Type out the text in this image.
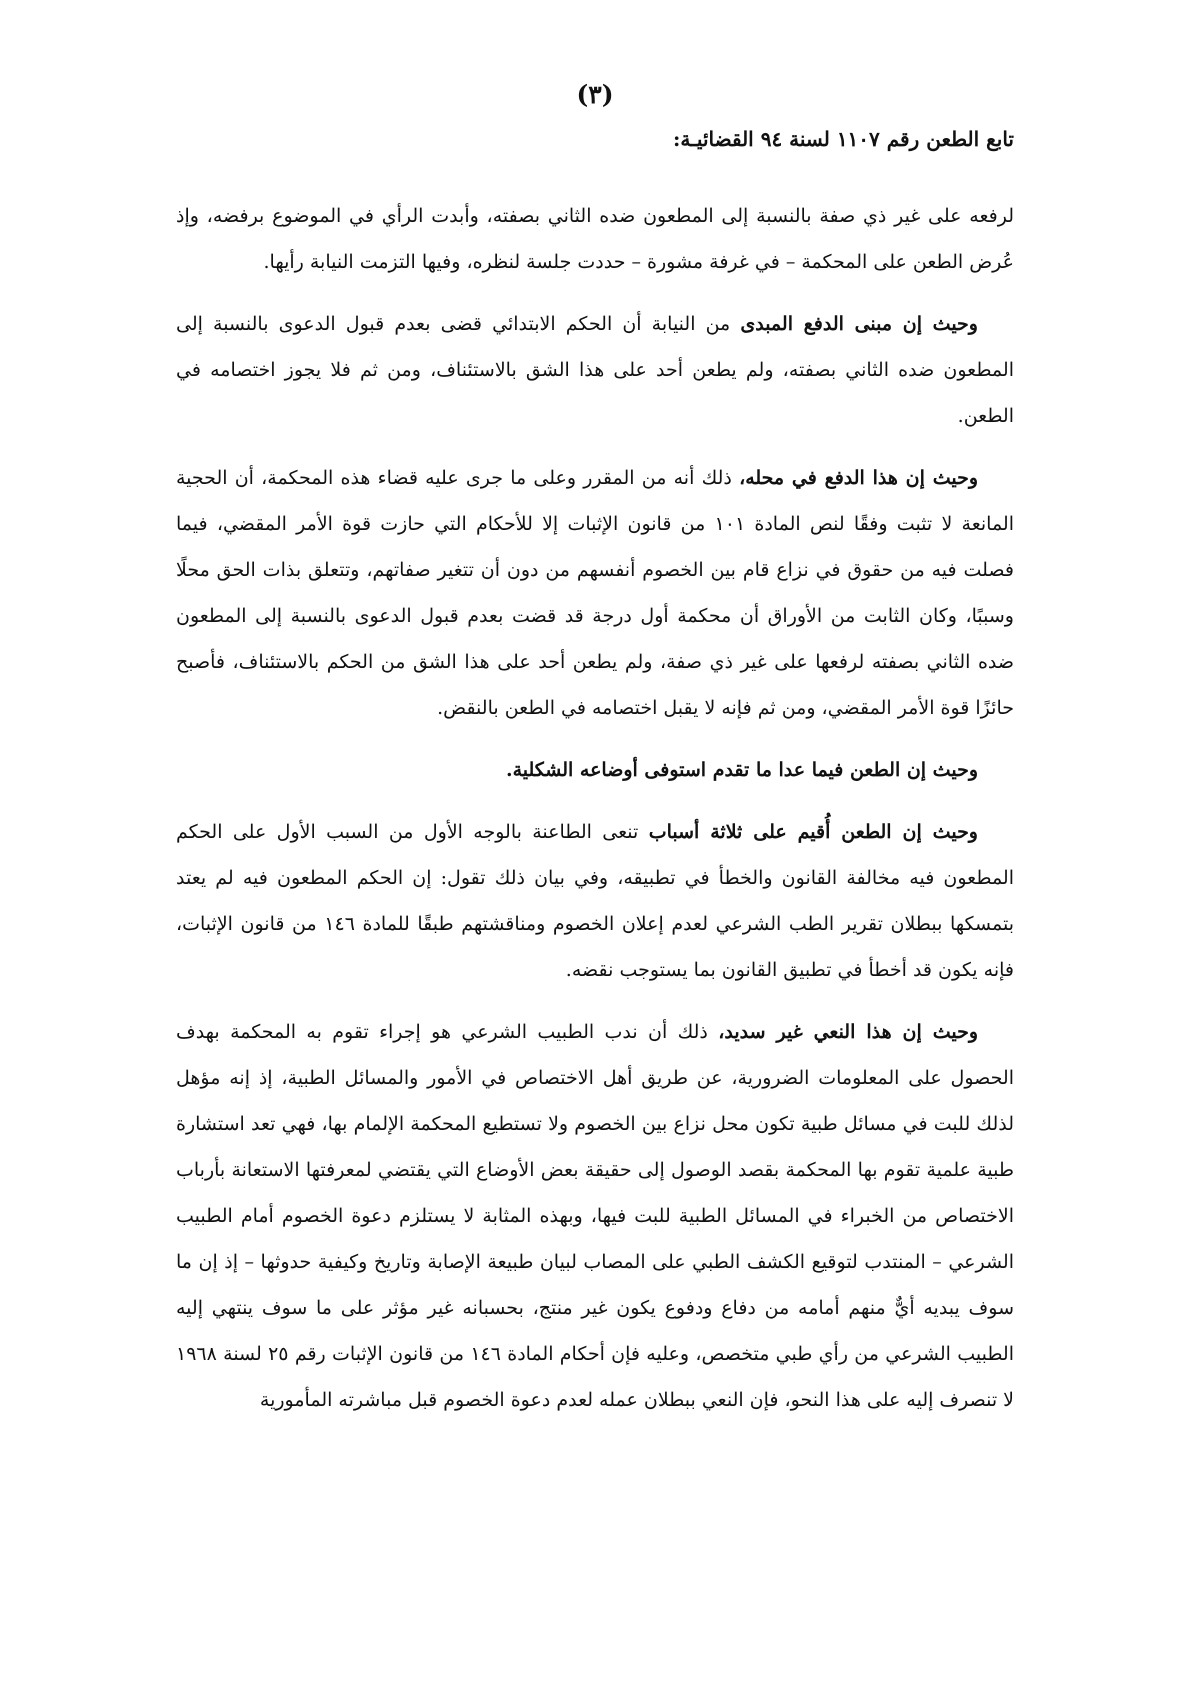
(٣)
تابع الطعن رقم ١١٠٧ لسنة ٩٤ القضائيـة:

لرفعه على غير ذي صفة بالنسبة إلى المطعون ضده الثاني بصفته، وأبدت الرأي في الموضوع برفضه، وإذ عُرض الطعن على المحكمة – في غرفة مشورة – حددت جلسة لنظره، وفيها التزمت النيابة رأيها.

وحيث إن مبنى الدفع المبدى من النيابة أن الحكم الابتدائي قضى بعدم قبول الدعوى بالنسبة إلى المطعون ضده الثاني بصفته، ولم يطعن أحد على هذا الشق بالاستئناف، ومن ثم فلا يجوز اختصامه في الطعن.

وحيث إن هذا الدفع في محله، ذلك أنه من المقرر وعلى ما جرى عليه قضاء هذه المحكمة، أن الحجية المانعة لا تثبت وفقًا لنص المادة ١٠١ من قانون الإثبات إلا للأحكام التي حازت قوة الأمر المقضي، فيما فصلت فيه من حقوق في نزاع قام بين الخصوم أنفسهم من دون أن تتغير صفاتهم، وتتعلق بذات الحق محلًا وسببًا، وكان الثابت من الأوراق أن محكمة أول درجة قد قضت بعدم قبول الدعوى بالنسبة إلى المطعون ضده الثاني بصفته لرفعها على غير ذي صفة، ولم يطعن أحد على هذا الشق من الحكم بالاستئناف، فأصبح حائزًا قوة الأمر المقضي، ومن ثم فإنه لا يقبل اختصامه في الطعن بالنقض.

وحيث إن الطعن فيما عدا ما تقدم استوفى أوضاعه الشكلية.

وحيث إن الطعن أُقيم على ثلاثة أسباب تنعى الطاعنة بالوجه الأول من السبب الأول على الحكم المطعون فيه مخالفة القانون والخطأ في تطبيقه، وفي بيان ذلك تقول: إن الحكم المطعون فيه لم يعتد بتمسكها ببطلان تقرير الطب الشرعي لعدم إعلان الخصوم ومناقشتهم طبقًا للمادة ١٤٦ من قانون الإثبات، فإنه يكون قد أخطأ في تطبيق القانون بما يستوجب نقضه.

وحيث إن هذا النعي غير سديد، ذلك أن ندب الطبيب الشرعي هو إجراء تقوم به المحكمة بهدف الحصول على المعلومات الضرورية، عن طريق أهل الاختصاص في الأمور والمسائل الطبية، إذ إنه مؤهل لذلك للبت في مسائل طبية تكون محل نزاع بين الخصوم ولا تستطيع المحكمة الإلمام بها، فهي تعد استشارة طبية علمية تقوم بها المحكمة بقصد الوصول إلى حقيقة بعض الأوضاع التي يقتضي لمعرفتها الاستعانة بأرباب الاختصاص من الخبراء في المسائل الطبية للبت فيها، وبهذه المثابة لا يستلزم دعوة الخصوم أمام الطبيب الشرعي – المنتدب لتوقيع الكشف الطبي على المصاب لبيان طبيعة الإصابة وتاريخ وكيفية حدوثها – إذ إن ما سوف يبديه أيٌّ منهم أمامه من دفاع ودفوع يكون غير منتج، بحسبانه غير مؤثر على ما سوف ينتهي إليه الطبيب الشرعي من رأي طبي متخصص، وعليه فإن أحكام المادة ١٤٦ من قانون الإثبات رقم ٢٥ لسنة ١٩٦٨ لا تنصرف إليه على هذا النحو، فإن النعي ببطلان عمله لعدم دعوة الخصوم قبل مباشرته المأمورية
